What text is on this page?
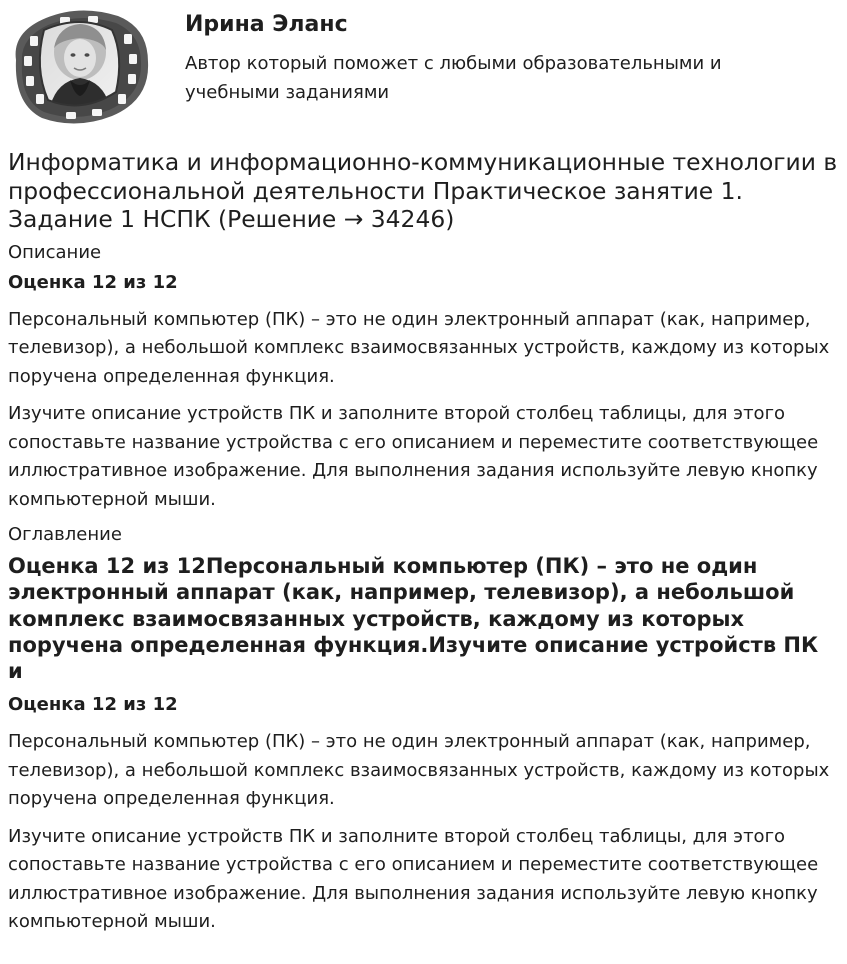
Ирина Эланс

Автор который поможет с любыми образовательными и учебными заданиями

Информатика и информационно-коммуникационные технологии в профессиональной деятельности Практическое занятие 1. Задание 1 НСПК (Решение → 34246)
Описание
Оценка 12 из 12

Персональный компьютер (ПК) – это не один электронный аппарат (как, например, телевизор), а небольшой комплекс взаимосвязанных устройств, каждому из которых поручена определенная функция.

Изучите описание устройств ПК и заполните второй столбец таблицы, для этого сопоставьте название устройства с его описанием и переместите соответствующее иллюстративное изображение. Для выполнения задания используйте левую кнопку компьютерной мыши.

Оглавление
Оценка 12 из 12Персональный компьютер (ПК) – это не один электронный аппарат (как, например, телевизор), а небольшой комплекс взаимосвязанных устройств, каждому из которых поручена определенная функция.Изучите описание устройств ПК и
Оценка 12 из 12

Персональный компьютер (ПК) – это не один электронный аппарат (как, например, телевизор), а небольшой комплекс взаимосвязанных устройств, каждому из которых поручена определенная функция.

Изучите описание устройств ПК и заполните второй столбец таблицы, для этого сопоставьте название устройства с его описанием и переместите соответствующее иллюстративное изображение. Для выполнения задания используйте левую кнопку компьютерной мыши.
